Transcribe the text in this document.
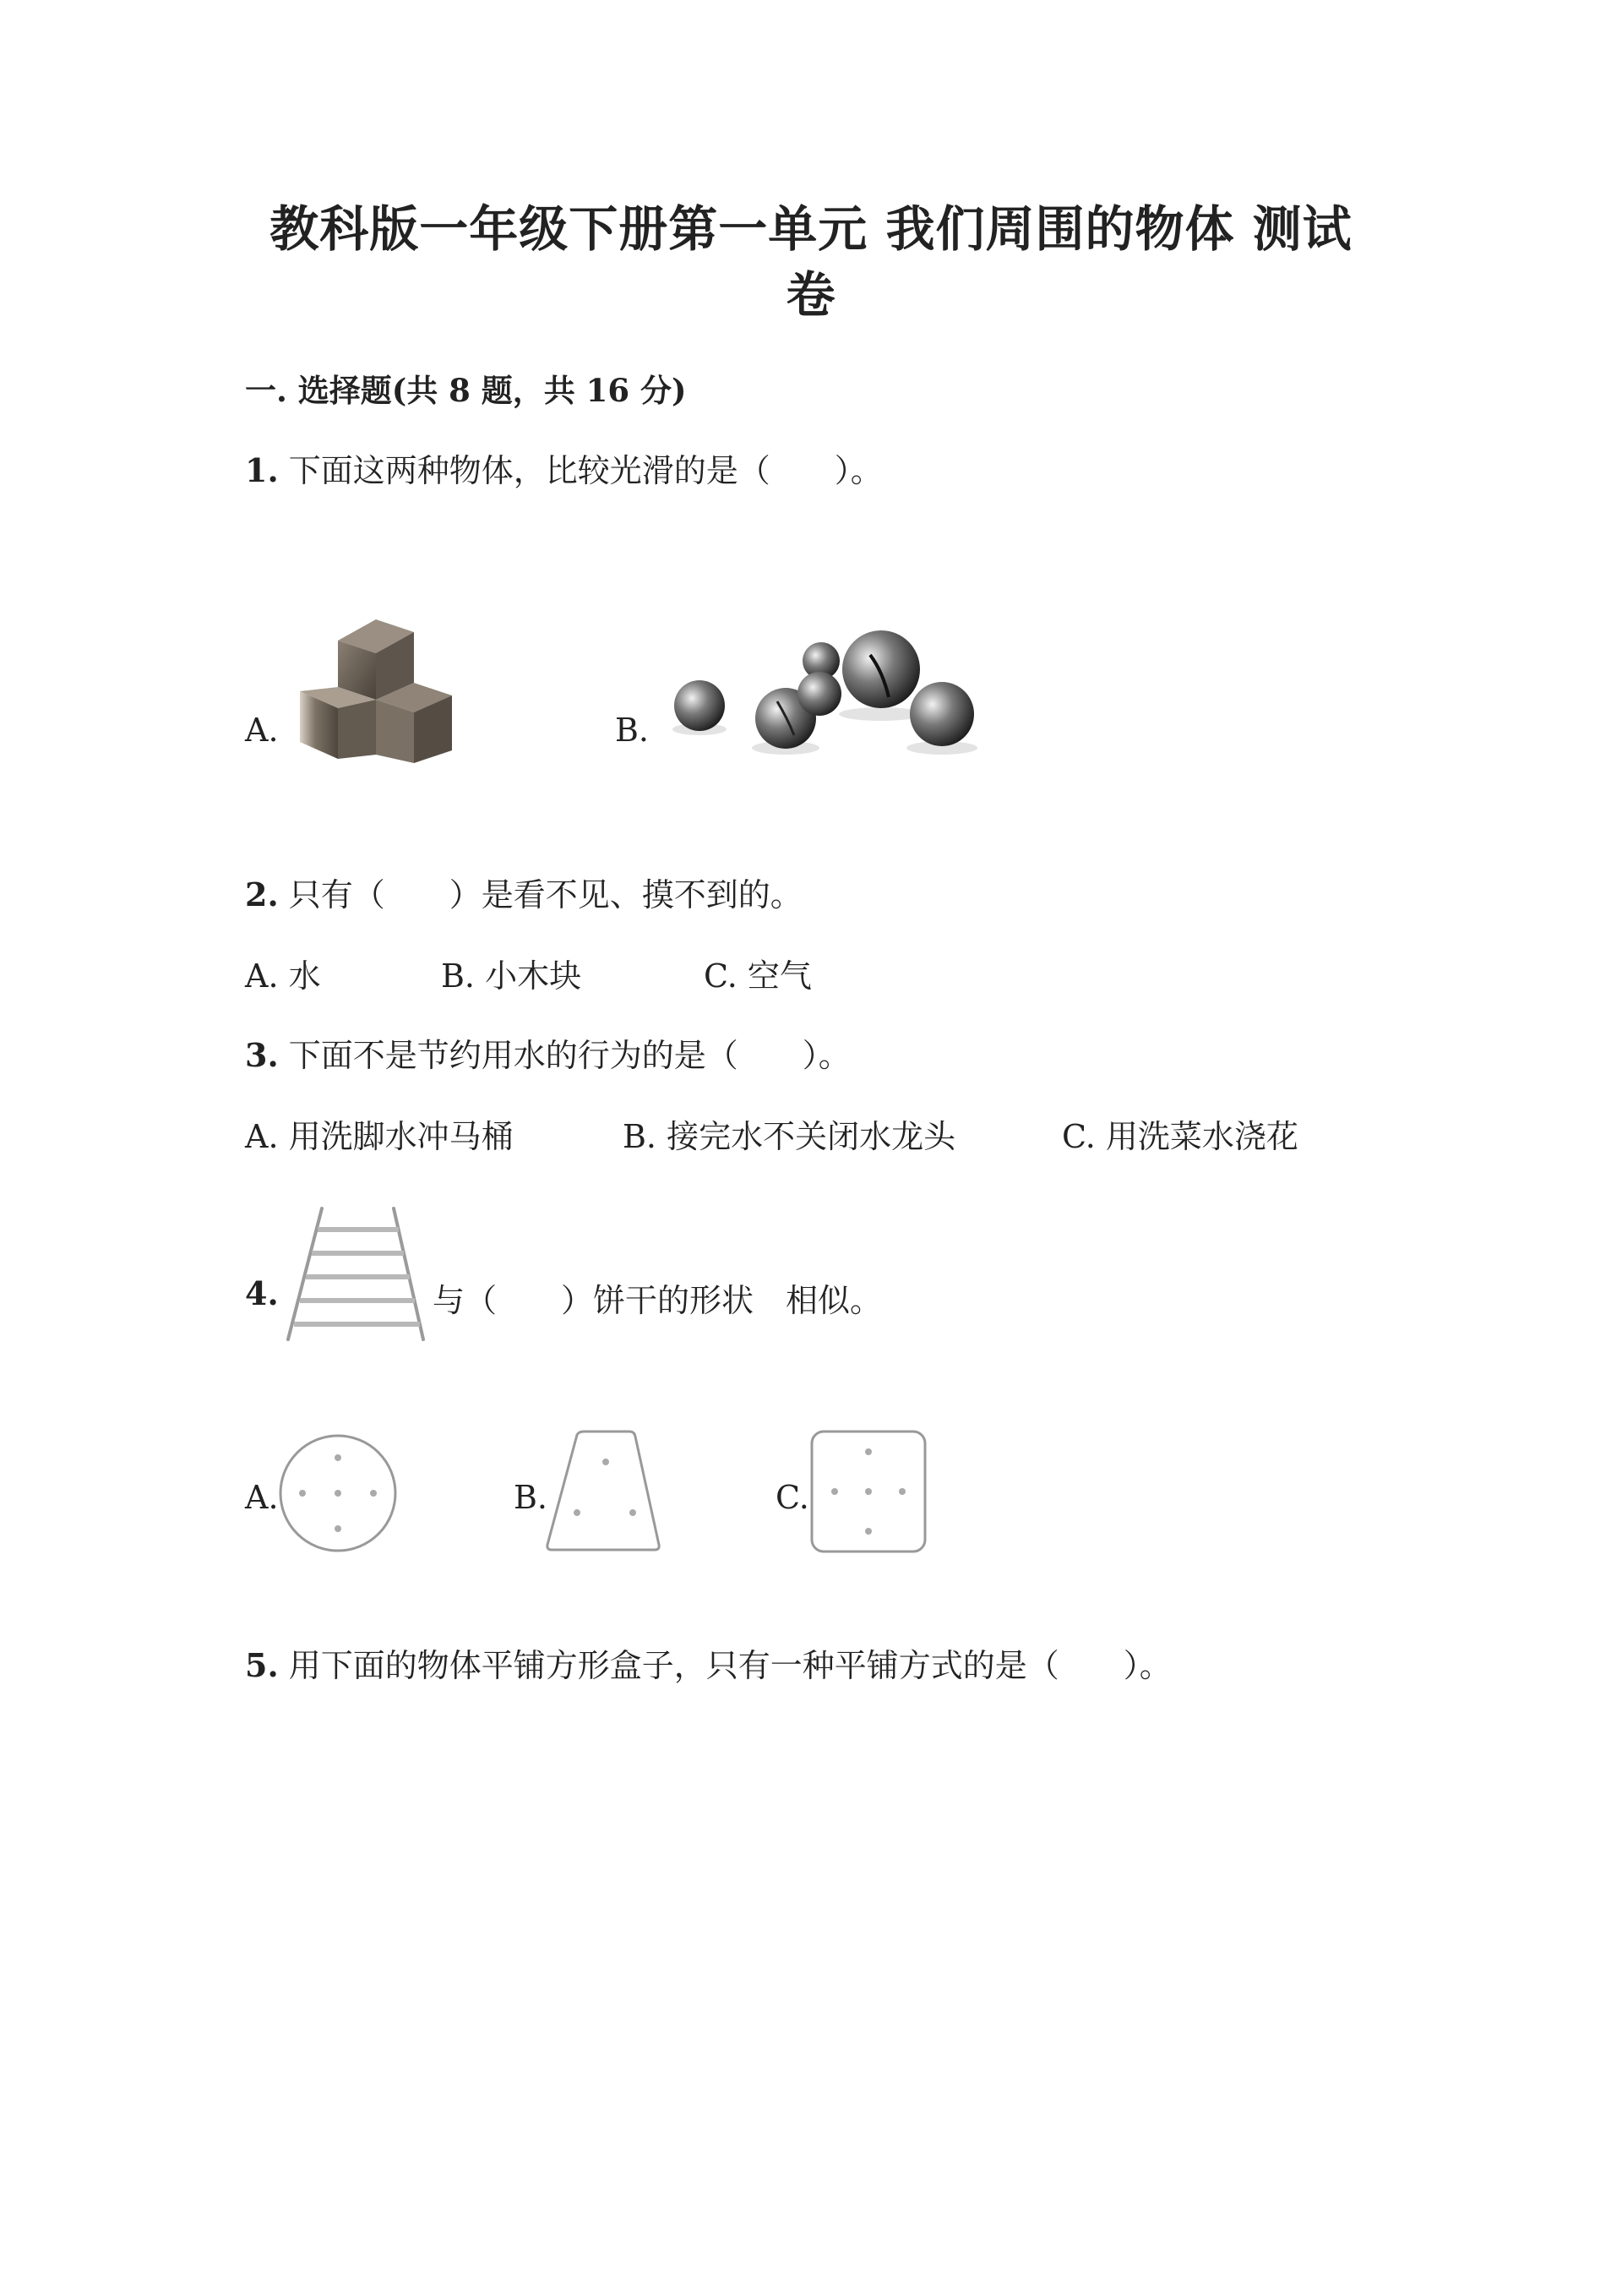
教科版一年级下册第一单元 我们周围的物体 测试
卷
一. 选择题(共 8 题，共 16 分)
1. 下面这两种物体，比较光滑的是（　　）。
A.	B.
2. 只有（　　）是看不见、摸不到的。
A. 水	B. 小木块	C. 空气
3. 下面不是节约用水的行为的是（　　）。
A. 用洗脚水冲马桶	B. 接完水不关闭水龙头	C. 用洗菜水浇花
4.	与（　　）饼干的形状　相似。
A.	B.	C.
5. 用下面的物体平铺方形盒子，只有一种平铺方式的是（　　）。
